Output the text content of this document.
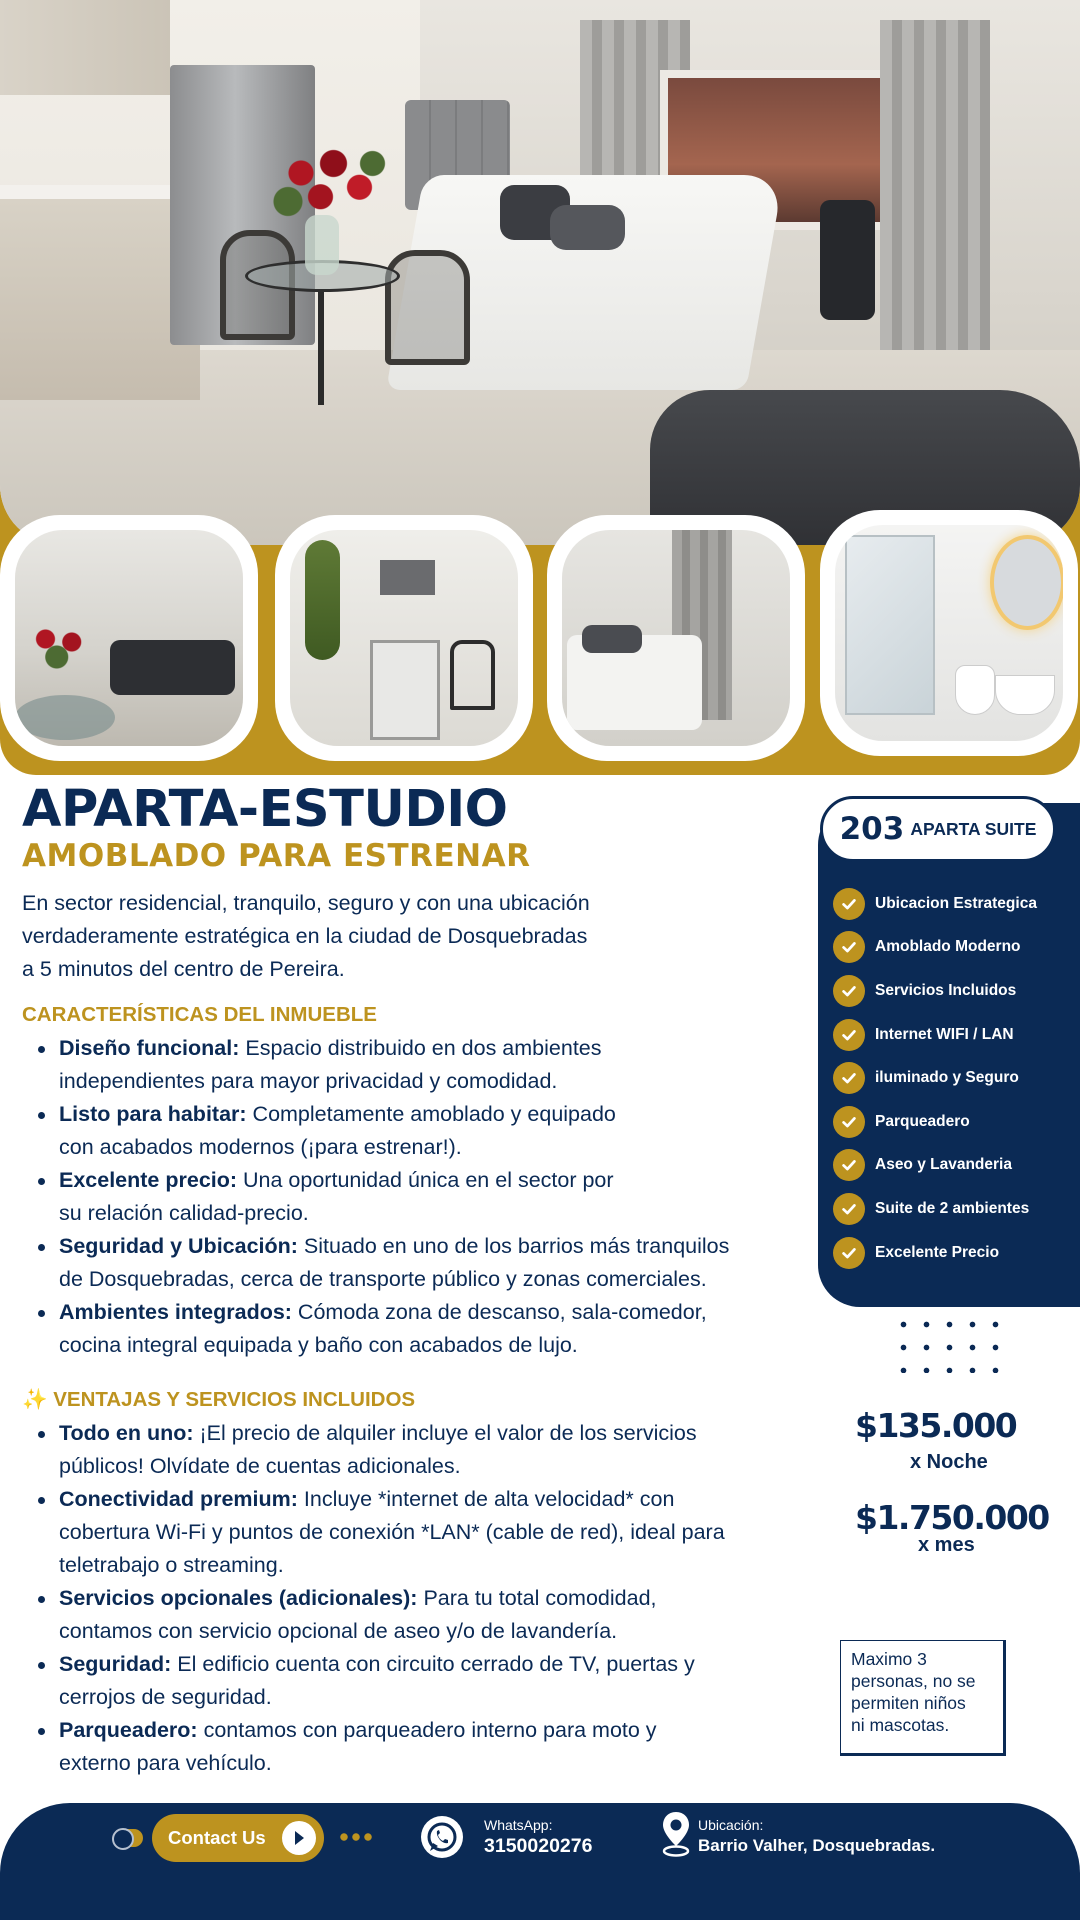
APARTA-ESTUDIO
AMOBLADO PARA ESTRENAR
En sector residencial, tranquilo, seguro y con una ubicación
verdaderamente estratégica en la ciudad de Dosquebradas
a 5 minutos del centro de Pereira.
CARACTERÍSTICAS DEL INMUEBLE
Diseño funcional: Espacio distribuido en dos ambientes
independientes para mayor privacidad y comodidad.
Listo para habitar: Completamente amoblado y equipado
con acabados modernos (¡para estrenar!).
Excelente precio: Una oportunidad única en el sector por
su relación calidad-precio.
Seguridad y Ubicación: Situado en uno de los barrios más tranquilos
de Dosquebradas, cerca de transporte público y zonas comerciales.
Ambientes integrados: Cómoda zona de descanso, sala-comedor,
cocina integral equipada y baño con acabados de lujo.
✨ VENTAJAS Y SERVICIOS INCLUIDOS
Todo en uno: ¡El precio de alquiler incluye el valor de los servicios
públicos! Olvídate de cuentas adicionales.
Conectividad premium: Incluye *internet de alta velocidad* con
cobertura Wi-Fi y puntos de conexión *LAN* (cable de red), ideal para
teletrabajo o streaming.
Servicios opcionales (adicionales): Para tu total comodidad,
contamos con servicio opcional de aseo y/o de lavandería.
Seguridad: El edificio cuenta con circuito cerrado de TV, puertas y
cerrojos de seguridad.
Parqueadero: contamos con parqueadero interno para moto y
externo para vehículo.
203 APARTA SUITE
Ubicacion Estrategica
Amoblado Moderno
Servicios Incluidos
Internet WIFI / LAN
iluminado y Seguro
Parqueadero
Aseo y Lavanderia
Suite de 2 ambientes
Excelente Precio
$135.000
x Noche
$1.750.000
x mes
Maximo 3
personas, no se
permiten niños
ni mascotas.
Contact Us
WhatsApp:
3150020276
Ubicación:
Barrio Valher, Dosquebradas.
